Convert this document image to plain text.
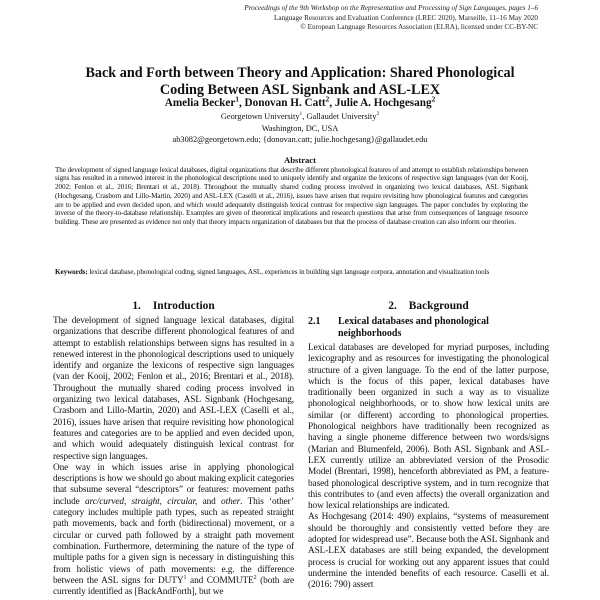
Proceedings of the 9th Workshop on the Representation and Processing of Sign Languages, pages 1–6
Language Resources and Evaluation Conference (LREC 2020), Marseille, 11–16 May 2020
© European Language Resources Association (ELRA), licensed under CC-BY-NC
Back and Forth between Theory and Application: Shared Phonological
Coding Between ASL Signbank and ASL-LEX
Amelia Becker$^1$, Donovan H. Catt$^2$, Julie A. Hochgesang$^2$
Georgetown University$^1$, Gallaudet University$^2$
Washington, DC, USA
ab3082@georgetown.edu; {donovan.catt; julie.hochgesang}@gallaudet.edu
Abstract
The development of signed language lexical databases, digital organizations that describe different phonological features of and attempt to establish relationships between signs has resulted in a renewed interest in the phonological descriptions used to uniquely identify and organize the lexicons of respective sign languages (van der Kooij, 2002; Fenlon et al., 2016; Brentari et al., 2018). Throughout the mutually shared coding process involved in organizing two lexical databases, ASL Signbank (Hochgesang, Crasborn and Lillo-Martin, 2020) and ASL-LEX (Caselli et al., 2016), issues have arisen that require revisiting how phonological features and categories are to be applied and even decided upon, and which would adequately distinguish lexical contrast for respective sign languages. The paper concludes by exploring the inverse of the theory-to-database relationship. Examples are given of theoretical implications and research questions that arise from consequences of language resource building. These are presented as evidence not only that theory impacts organization of databases but that the process of database creation can also inform our theories.
Keywords: lexical database, phonological coding, signed languages, ASL, experiences in building sign language corpora, annotation and visualization tools
1. Introduction

The development of signed language lexical databases, digital organizations that describe different phonological features of and attempt to establish relationships between signs has resulted in a renewed interest in the phonological descriptions used to uniquely identify and organize the lexicons of respective sign languages (van der Kooij, 2002; Fenlon et al., 2016; Brentari et al., 2018). Throughout the mutually shared coding process involved in organizing two lexical databases, ASL Signbank (Hochgesang, Crasborn and Lillo-Martin, 2020) and ASL-LEX (Caselli et al., 2016), issues have arisen that require revisiting how phonological features and categories are to be applied and even decided upon, and which would adequately distinguish lexical contrast for respective sign languages.

One way in which issues arise in applying phonological descriptions is how we should go about making explicit categories that subsume several “descriptors” or features: movement paths include arc/curved, straight, circular, and other. This ‘other’ category includes multiple path types, such as repeated straight path movements, back and forth (bidirectional) movement, or a circular or curved path followed by a straight path movement combination. Furthermore, determining the nature of the type of multiple paths for a given sign is necessary in distinguishing this from holistic views of path movements: e.g. the difference between the ASL signs for DUTY$^1$ and COMMUTE$^2$ (both are currently identified as [BackAndForth], but we

2. Background
2.1	Lexical databases and phonological neighborhoods

Lexical databases are developed for myriad purposes, including lexicography and as resources for investigating the phonological structure of a given language. To the end of the latter purpose, which is the focus of this paper, lexical databases have traditionally been organized in such a way as to visualize phonological neighborhoods, or to show how lexical units are similar (or different) according to phonological properties. Phonological neighbors have traditionally been recognized as having a single phoneme difference between two words/signs (Marian and Blumenfeld, 2006). Both ASL Signbank and ASL-LEX currently utilize an abbreviated version of the Prosodic Model (Brentari, 1998), henceforth abbreviated as PM, a feature-based phonological descriptive system, and in turn recognize that this contributes to (and even affects) the overall organization and how lexical relationships are indicated.

As Hochgesang (2014: 490) explains, “systems of measurement should be thoroughly and consistently vetted before they are adopted for widespread use”. Because both the ASL Signbank and ASL-LEX databases are still being expanded, the development process is crucial for working out any apparent issues that could undermine the intended benefits of each resource. Caselli et al. (2016: 790) assert
